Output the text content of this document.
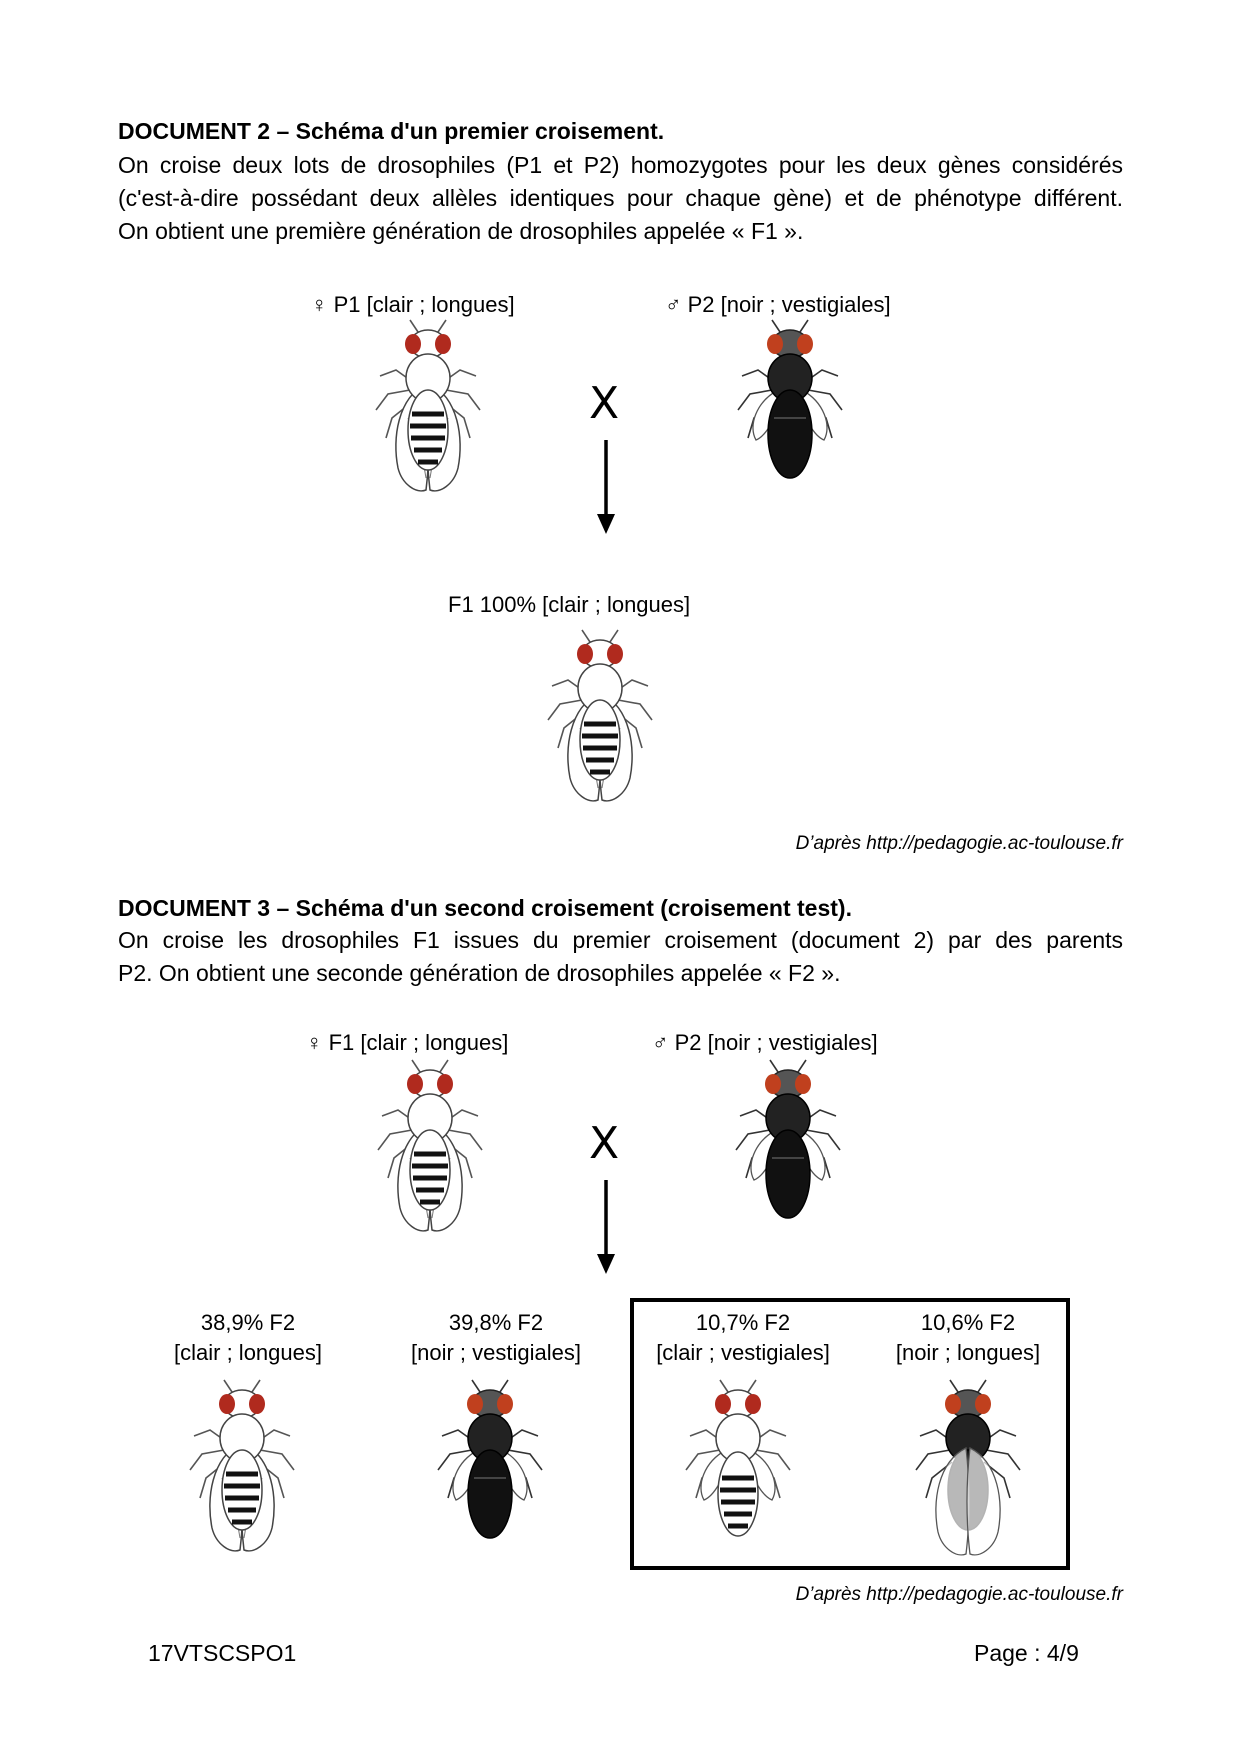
DOCUMENT 2 – Schéma d'un premier croisement.

On croise deux lots de drosophiles (P1 et P2) homozygotes pour les deux gènes considérés

(c'est-à-dire possédant deux allèles identiques pour chaque gène) et de phénotype différent.

On obtient une première génération de drosophiles appelée « F1 ».

♀ P1 [clair ; longues]	♂ P2 [noir ; vestigiales]
X
F1 100% [clair ; longues]
D’après http://pedagogie.ac-toulouse.fr
DOCUMENT 3 – Schéma d'un second croisement (croisement test).

On croise les drosophiles F1 issues du premier croisement (document 2) par des parents

P2. On obtient une seconde génération de drosophiles appelée « F2 ».

♀ F1 [clair ; longues]	♂ P2 [noir ; vestigiales]
X
38,9% F2
[clair ; longues]
39,8% F2
[noir ; vestigiales]
10,7% F2
[clair ; vestigiales]
10,6% F2
[noir ; longues]
D’après http://pedagogie.ac-toulouse.fr
17VTSCSPO1	Page : 4/9
